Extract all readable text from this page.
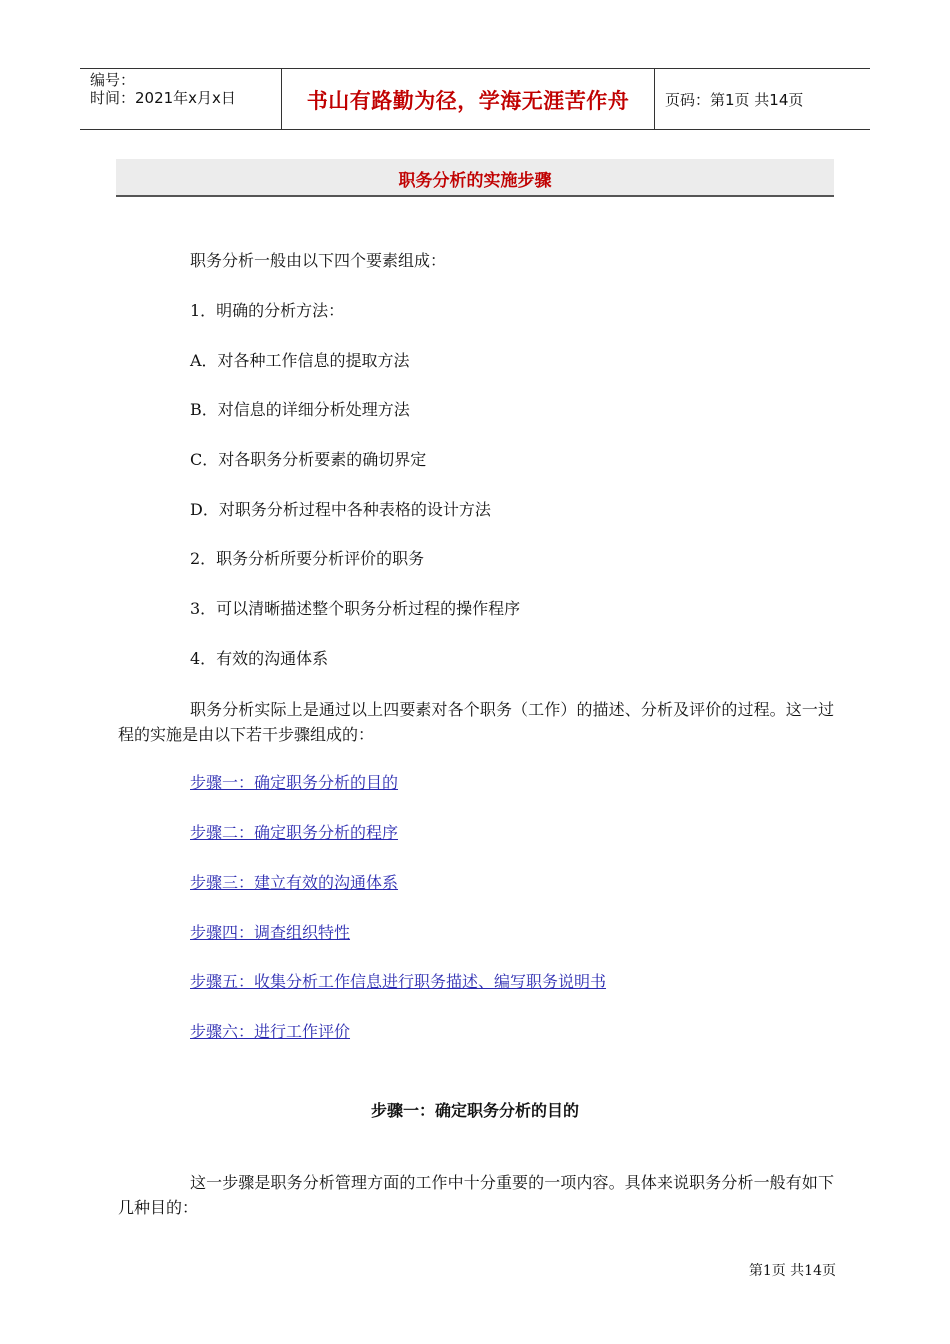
编号：
时间：2021年x月x日	书山有路勤为径，学海无涯苦作舟	页码：第1页 共14页
职务分析的实施步骤
职务分析一般由以下四个要素组成：
1．明确的分析方法：
A．对各种工作信息的提取方法
B．对信息的详细分析处理方法
C．对各职务分析要素的确切界定
D．对职务分析过程中各种表格的设计方法
2．职务分析所要分析评价的职务
3．可以清晰描述整个职务分析过程的操作程序
4．有效的沟通体系
职务分析实际上是通过以上四要素对各个职务（工作）的描述、分析及评价的过程。这一过程的实施是由以下若干步骤组成的：
步骤一：确定职务分析的目的
步骤二：确定职务分析的程序
步骤三：建立有效的沟通体系
步骤四：调查组织特性
步骤五：收集分析工作信息进行职务描述、编写职务说明书
步骤六：进行工作评价
步骤一：确定职务分析的目的
这一步骤是职务分析管理方面的工作中十分重要的一项内容。具体来说职务分析一般有如下几种目的：
第1页 共14页
